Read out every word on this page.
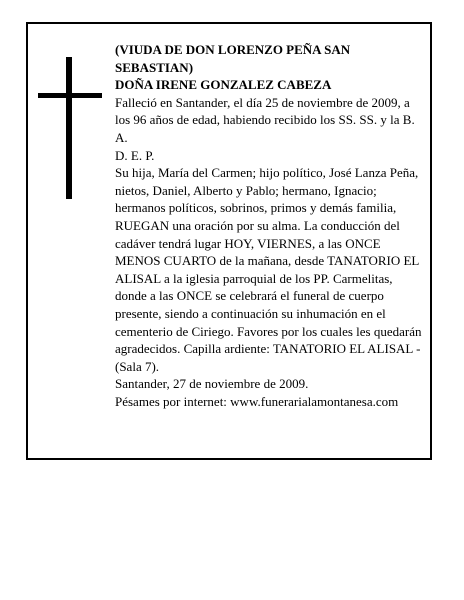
(VIUDA DE DON LORENZO PEÑA SAN SEBASTIAN)

DOÑA IRENE GONZALEZ CABEZA

Falleció en Santander, el día 25 de noviembre de 2009, a los 96 años de edad, habiendo recibido los SS. SS. y la B. A.

D. E. P.

Su hija, María del Carmen; hijo político, José Lanza Peña, nietos, Daniel, Alberto y Pablo; hermano, Ignacio; hermanos políticos, sobrinos, primos y demás familia,

RUEGAN una oración por su alma. La conducción del cadáver tendrá lugar HOY, VIERNES, a las ONCE MENOS CUARTO de la mañana, desde TANATORIO EL ALISAL a la iglesia parroquial de los PP. Carmelitas, donde a las ONCE se celebrará el funeral de cuerpo presente, siendo a continuación su inhumación en el cementerio de Ciriego. Favores por los cuales les quedarán agradecidos. Capilla ardiente: TANATORIO EL ALISAL - (Sala 7).

Santander, 27 de noviembre de 2009.

Pésames por internet: www.funerarialamontanesa.com
